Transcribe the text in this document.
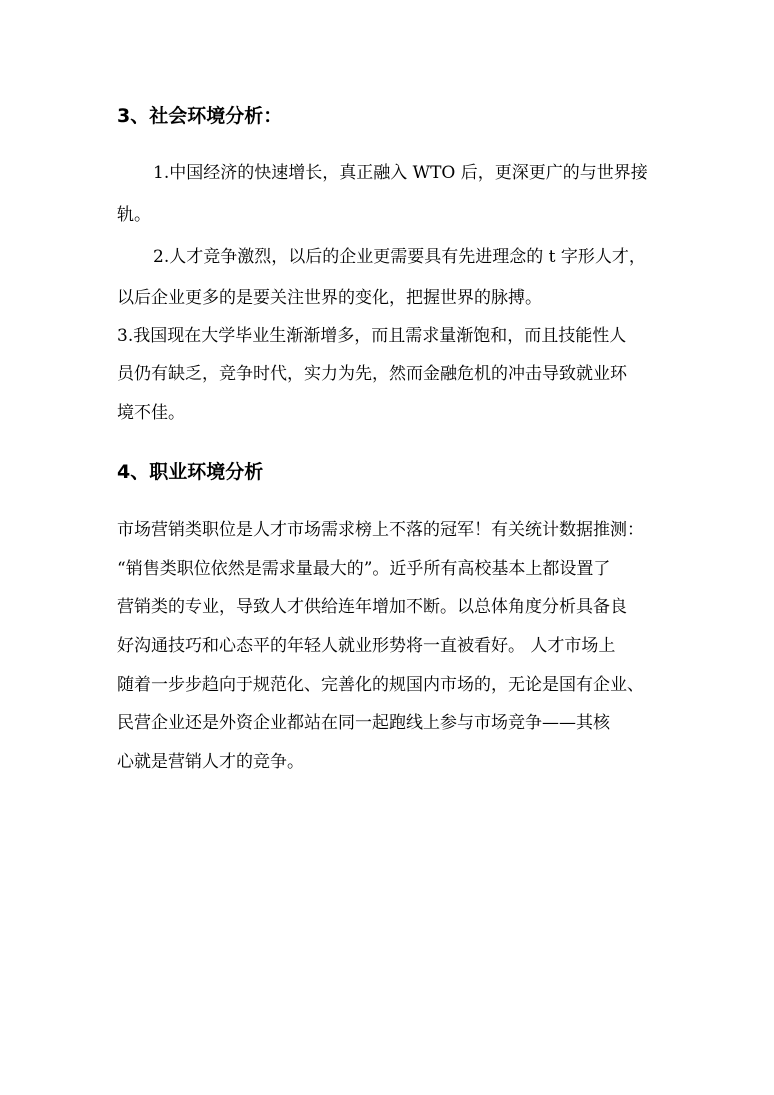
3、社会环境分析：
1.中国经济的快速增长，真正融入 WTO 后，更深更广的与世界接
轨。
2.人才竞争激烈，以后的企业更需要具有先进理念的 t 字形人才，
以后企业更多的是要关注世界的变化，把握世界的脉搏。
3.我国现在大学毕业生渐渐增多，而且需求量渐饱和，而且技能性人
员仍有缺乏，竞争时代，实力为先，然而金融危机的冲击导致就业环
境不佳。
4、职业环境分析
市场营销类职位是人才市场需求榜上不落的冠军！有关统计数据推测：
“销售类职位依然是需求量最大的”。近乎所有高校基本上都设置了
营销类的专业，导致人才供给连年增加不断。以总体角度分析具备良
好沟通技巧和心态平的年轻人就业形势将一直被看好。 人才市场上
随着一步步趋向于规范化、完善化的规国内市场的，无论是国有企业、
民营企业还是外资企业都站在同一起跑线上参与市场竞争——其核
心就是营销人才的竞争。
